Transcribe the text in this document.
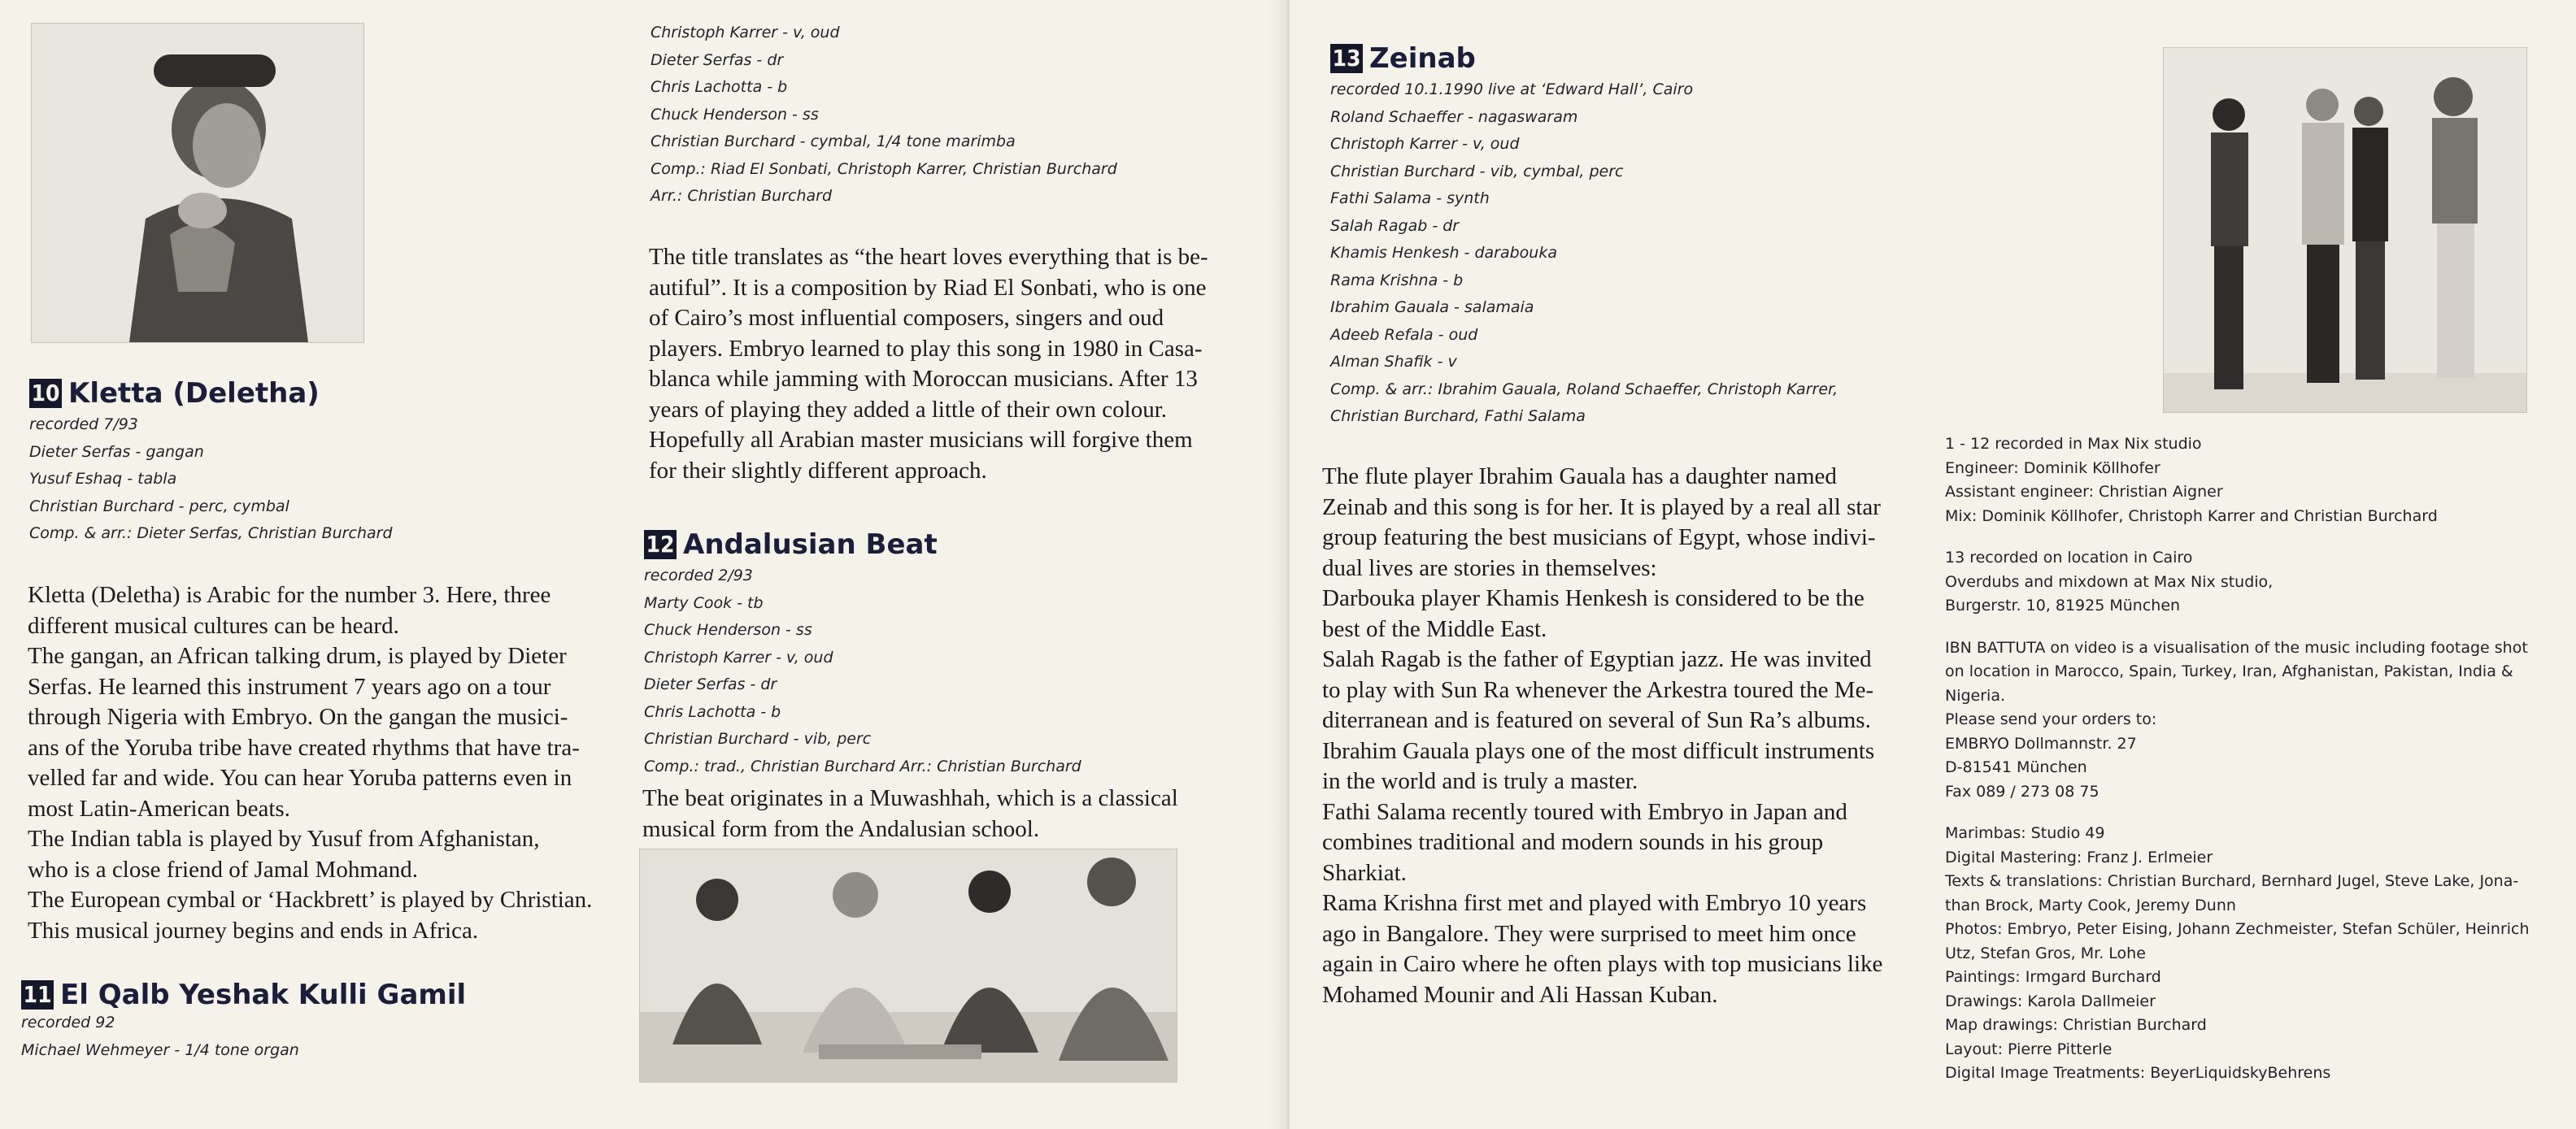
10 Kletta (Deletha)
recorded 7/93
Dieter Serfas - gangan
Yusuf Eshaq - tabla
Christian Burchard - perc, cymbal
Comp. & arr.: Dieter Serfas, Christian Burchard
Kletta (Deletha) is Arabic for the number 3. Here, three
different musical cultures can be heard.
The gangan, an African talking drum, is played by Dieter
Serfas. He learned this instrument 7 years ago on a tour
through Nigeria with Embryo. On the gangan the musici-
ans of the Yoruba tribe have created rhythms that have tra-
velled far and wide. You can hear Yoruba patterns even in
most Latin-American beats.
The Indian tabla is played by Yusuf from Afghanistan,
who is a close friend of Jamal Mohmand.
The European cymbal or ‘Hackbrett’ is played by Christian.
This musical journey begins and ends in Africa.
11 El Qalb Yeshak Kulli Gamil
recorded 92
Michael Wehmeyer - 1/4 tone organ
Christoph Karrer - v, oud
Dieter Serfas - dr
Chris Lachotta - b
Chuck Henderson - ss
Christian Burchard - cymbal, 1/4 tone marimba
Comp.: Riad El Sonbati, Christoph Karrer, Christian Burchard
Arr.: Christian Burchard
The title translates as “the heart loves everything that is be-
autiful”. It is a composition by Riad El Sonbati, who is one
of Cairo’s most influential composers, singers and oud
players. Embryo learned to play this song in 1980 in Casa-
blanca while jamming with Moroccan musicians. After 13
years of playing they added a little of their own colour.
Hopefully all Arabian master musicians will forgive them
for their slightly different approach.
12 Andalusian Beat
recorded 2/93
Marty Cook - tb
Chuck Henderson - ss
Christoph Karrer - v, oud
Dieter Serfas - dr
Chris Lachotta - b
Christian Burchard - vib, perc
Comp.: trad., Christian Burchard Arr.: Christian Burchard
The beat originates in a Muwashhah, which is a classical
musical form from the Andalusian school.
13 Zeinab
recorded 10.1.1990 live at ‘Edward Hall’, Cairo
Roland Schaeffer - nagaswaram
Christoph Karrer - v, oud
Christian Burchard - vib, cymbal, perc
Fathi Salama - synth
Salah Ragab - dr
Khamis Henkesh - darabouka
Rama Krishna - b
Ibrahim Gauala - salamaia
Adeeb Refala - oud
Alman Shafik - v
Comp. & arr.: Ibrahim Gauala, Roland Schaeffer, Christoph Karrer,
Christian Burchard, Fathi Salama
The flute player Ibrahim Gauala has a daughter named
Zeinab and this song is for her. It is played by a real all star
group featuring the best musicians of Egypt, whose indivi-
dual lives are stories in themselves:
Darbouka player Khamis Henkesh is considered to be the
best of the Middle East.
Salah Ragab is the father of Egyptian jazz. He was invited
to play with Sun Ra whenever the Arkestra toured the Me-
diterranean and is featured on several of Sun Ra’s albums.
Ibrahim Gauala plays one of the most difficult instruments
in the world and is truly a master.
Fathi Salama recently toured with Embryo in Japan and
combines traditional and modern sounds in his group
Sharkiat.
Rama Krishna first met and played with Embryo 10 years
ago in Bangalore. They were surprised to meet him once
again in Cairo where he often plays with top musicians like
Mohamed Mounir and Ali Hassan Kuban.
1 - 12 recorded in Max Nix studio
Engineer: Dominik Köllhofer
Assistant engineer: Christian Aigner
Mix: Dominik Köllhofer, Christoph Karrer and Christian Burchard
13 recorded on location in Cairo
Overdubs and mixdown at Max Nix studio,
Burgerstr. 10, 81925 München
IBN BATTUTA on video is a visualisation of the music including footage shot
on location in Marocco, Spain, Turkey, Iran, Afghanistan, Pakistan, India &
Nigeria.
Please send your orders to:
EMBRYO Dollmannstr. 27
D-81541 München
Fax 089 / 273 08 75
Marimbas: Studio 49
Digital Mastering: Franz J. Erlmeier
Texts & translations: Christian Burchard, Bernhard Jugel, Steve Lake, Jona-
than Brock, Marty Cook, Jeremy Dunn
Photos: Embryo, Peter Eising, Johann Zechmeister, Stefan Schüler, Heinrich
Utz, Stefan Gros, Mr. Lohe
Paintings: Irmgard Burchard
Drawings: Karola Dallmeier
Map drawings: Christian Burchard
Layout: Pierre Pitterle
Digital Image Treatments: BeyerLiquidskyBehrens
